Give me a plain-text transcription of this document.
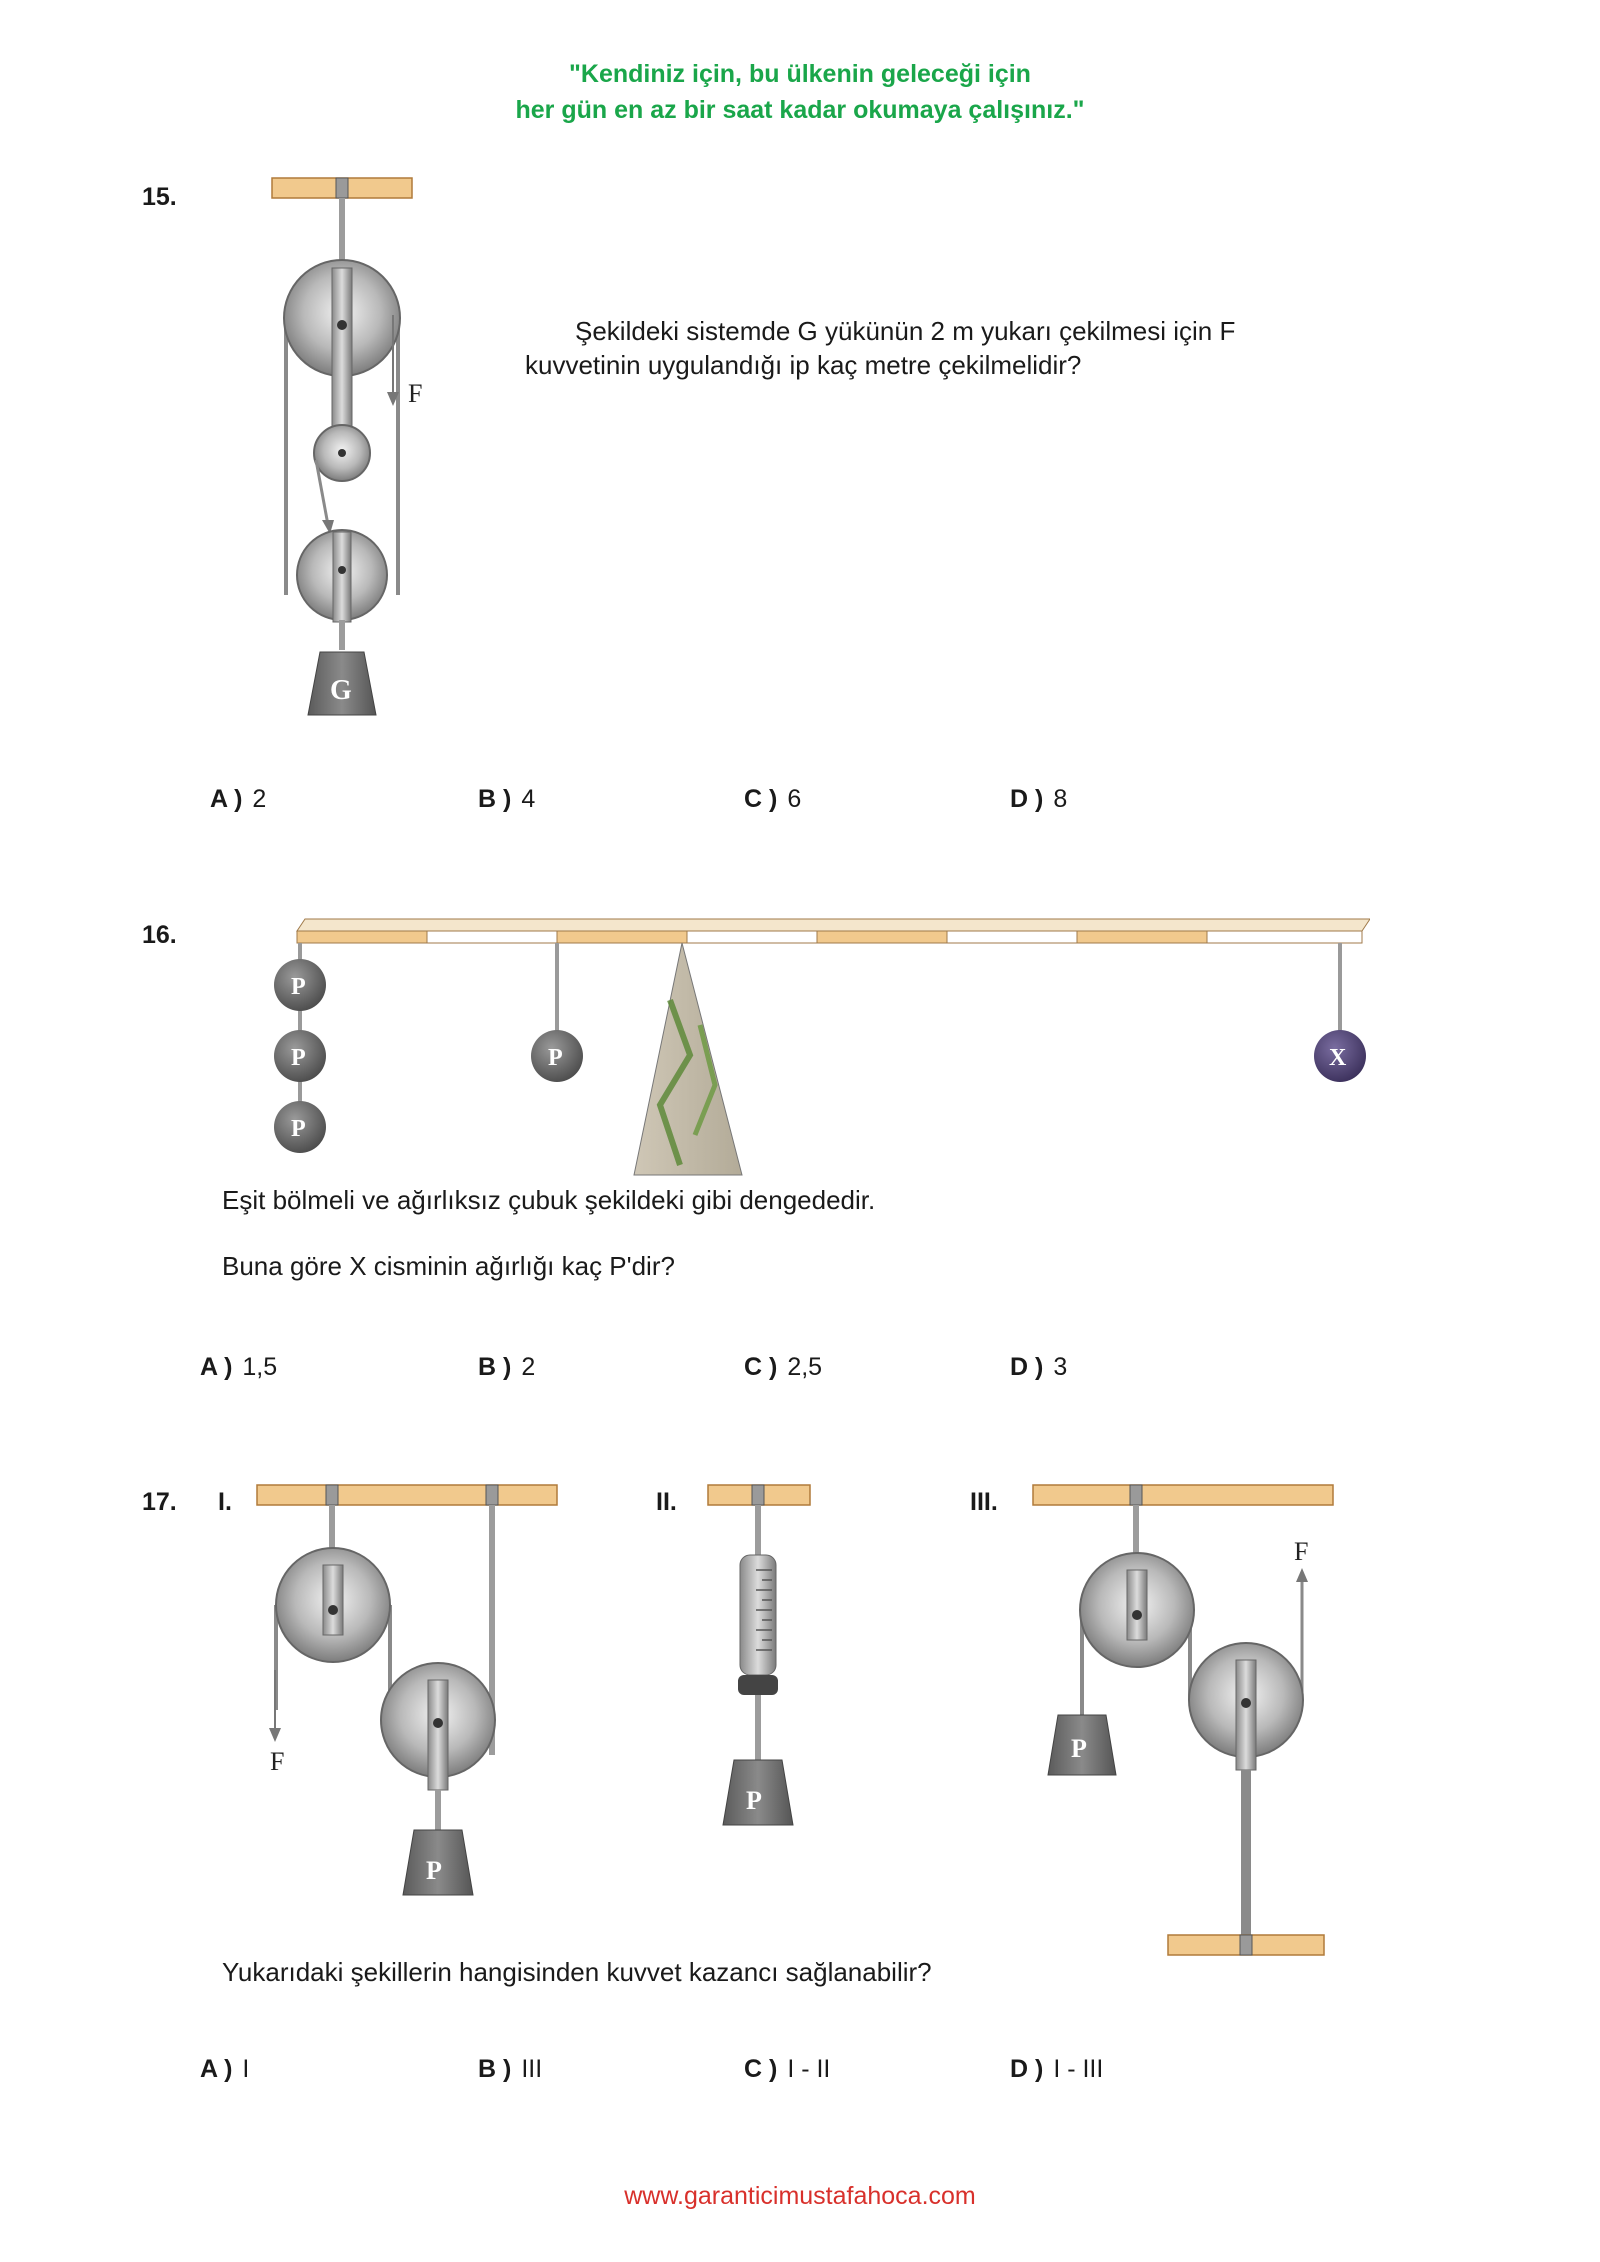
"Kendiniz için, bu ülkenin geleceği için
her gün en az bir saat kadar okumaya çalışınız."
15.
F
G
Şekildeki sistemde G yükünün 2 m yukarı çekilmesi için F
kuvvetinin uygulandığı ip kaç metre çekilmelidir?
A ) 2	B ) 4	C ) 6	D ) 8
16.
P
P
P
P	X
Eşit bölmeli ve ağırlıksız çubuk şekildeki gibi dengededir.
Buna göre X cisminin ağırlığı kaç P'dir?
A ) 1,5	B ) 2	C ) 2,5	D ) 3
17. I.	II.	III.
F
P
P
P
F
Yukarıdaki şekillerin hangisinden kuvvet kazancı sağlanabilir?
A ) I	B ) III	C ) I - II	D ) I - III
www.garanticimustafahoca.com
